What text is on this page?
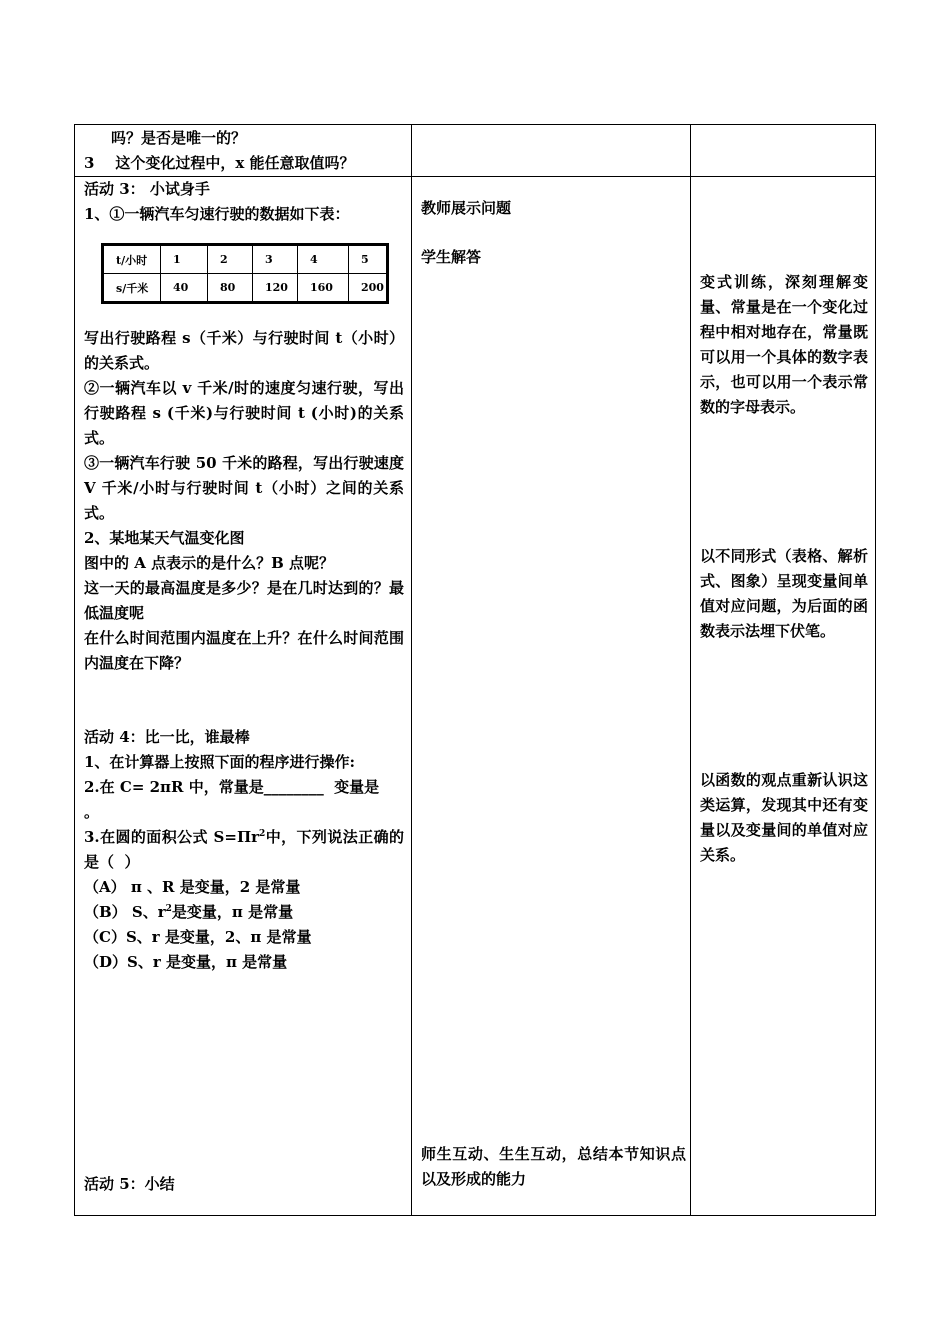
吗？是否是唯一的？
3    这个变化过程中，x 能任意取值吗？
活动 3： 小试身手
1、①一辆汽车匀速行驶的数据如下表：
t/小时	1	2	3	4	5
s/千米	40	80	120	160	200
写出行驶路程 s（千米）与行驶时间 t（小时）的关系式。
②一辆汽车以 v 千米/时的速度匀速行驶，写出行驶路程 s (千米)与行驶时间 t (小时)的关系式。
③一辆汽车行驶 50 千米的路程，写出行驶速度 V 千米/小时与行驶时间 t（小时）之间的关系式。
2、某地某天气温变化图
图中的 A 点表示的是什么？B 点呢？
这一天的最高温度是多少？是在几时达到的？最低温度呢
在什么时间范围内温度在上升？在什么时间范围内温度在下降？
活动 4：比一比，谁最棒
1、在计算器上按照下面的程序进行操作:
2.在 C= 2πR 中，常量是________  变量是
。
3.在圆的面积公式 $S=\Pi r^2$中，下列说法正确的是（  ）
（A） π 、R 是变量，2 是常量
（B） S、$r^2$是变量，π 是常量
（C）S、r 是变量，2、π 是常量
（D）S、r 是变量，π 是常量
活动 5：小结
教师展示问题
学生解答
师生互动、生生互动，总结本节知识点以及形成的能力
变式训练，深刻理解变量、常量是在一个变化过程中相对地存在，常量既可以用一个具体的数字表示，也可以用一个表示常数的字母表示。
以不同形式（表格、解析式、图象）呈现变量间单值对应问题，为后面的函数表示法埋下伏笔。
以函数的观点重新认识这类运算，发现其中还有变量以及变量间的单值对应关系。
